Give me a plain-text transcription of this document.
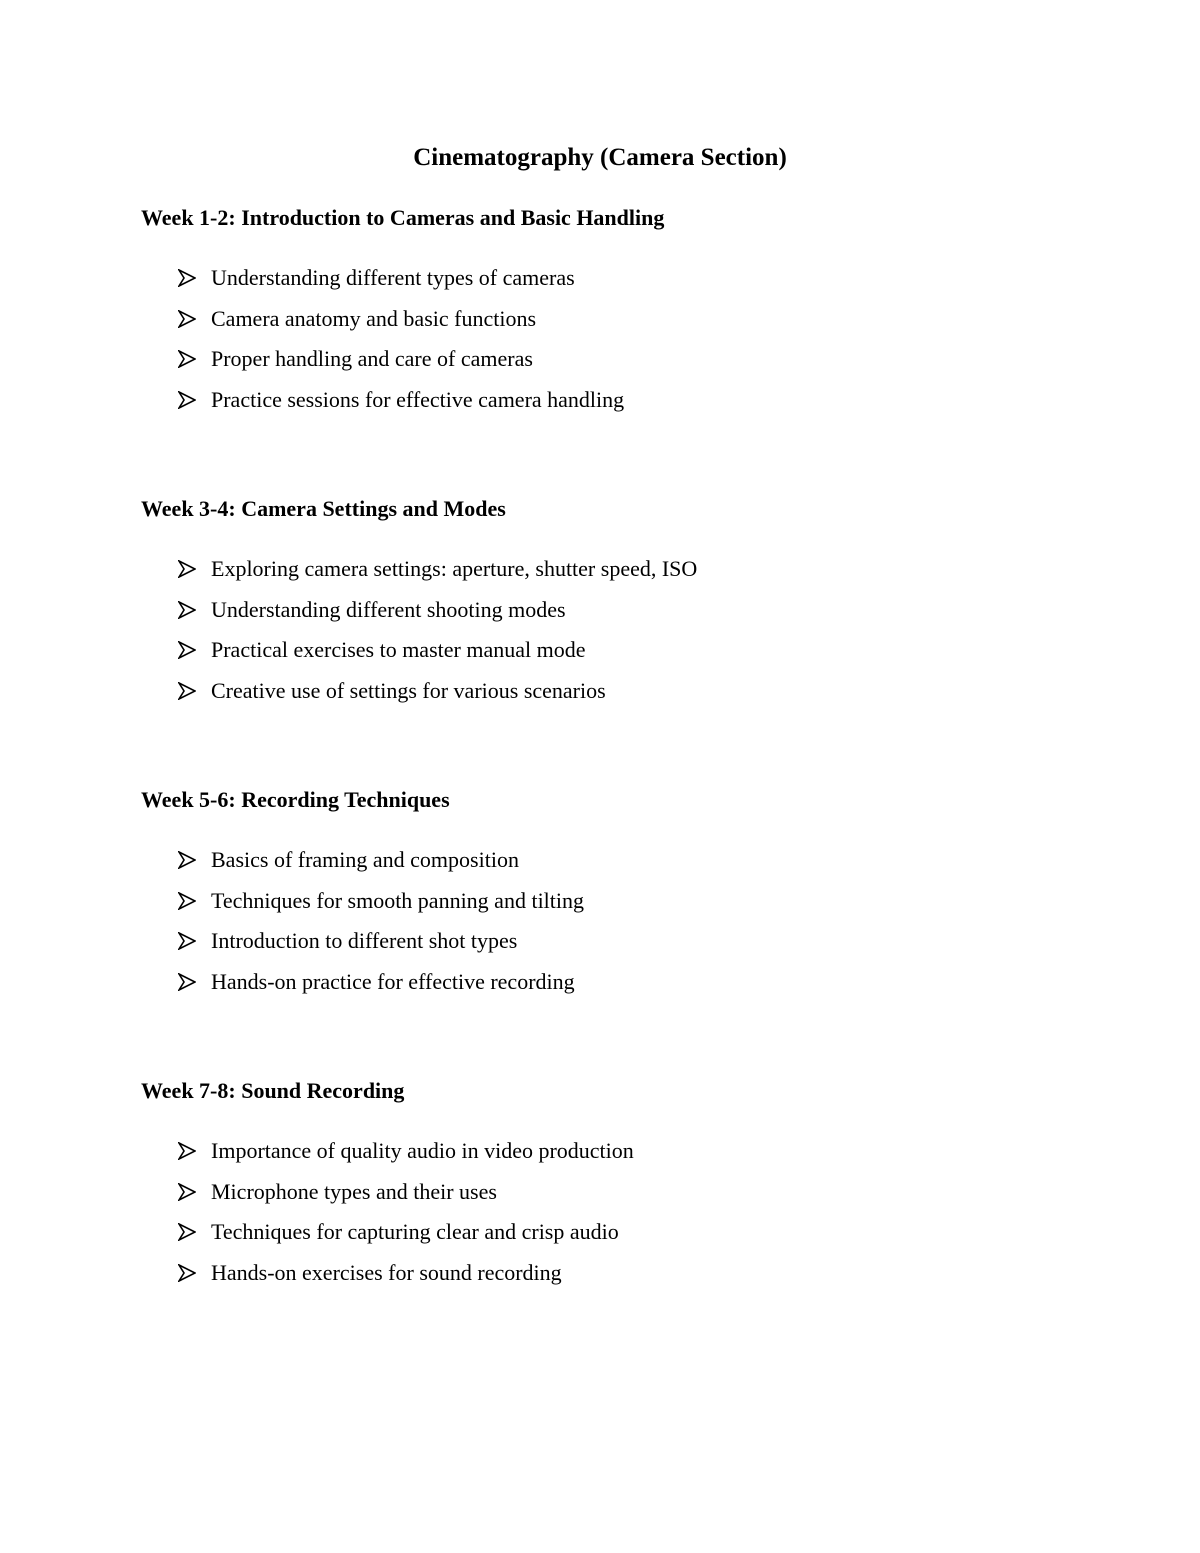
Cinematography (Camera Section)
Week 1-2: Introduction to Cameras and Basic Handling
Understanding different types of cameras
Camera anatomy and basic functions
Proper handling and care of cameras
Practice sessions for effective camera handling
Week 3-4: Camera Settings and Modes
Exploring camera settings: aperture, shutter speed, ISO
Understanding different shooting modes
Practical exercises to master manual mode
Creative use of settings for various scenarios
Week 5-6: Recording Techniques
Basics of framing and composition
Techniques for smooth panning and tilting
Introduction to different shot types
Hands-on practice for effective recording
Week 7-8: Sound Recording
Importance of quality audio in video production
Microphone types and their uses
Techniques for capturing clear and crisp audio
Hands-on exercises for sound recording
